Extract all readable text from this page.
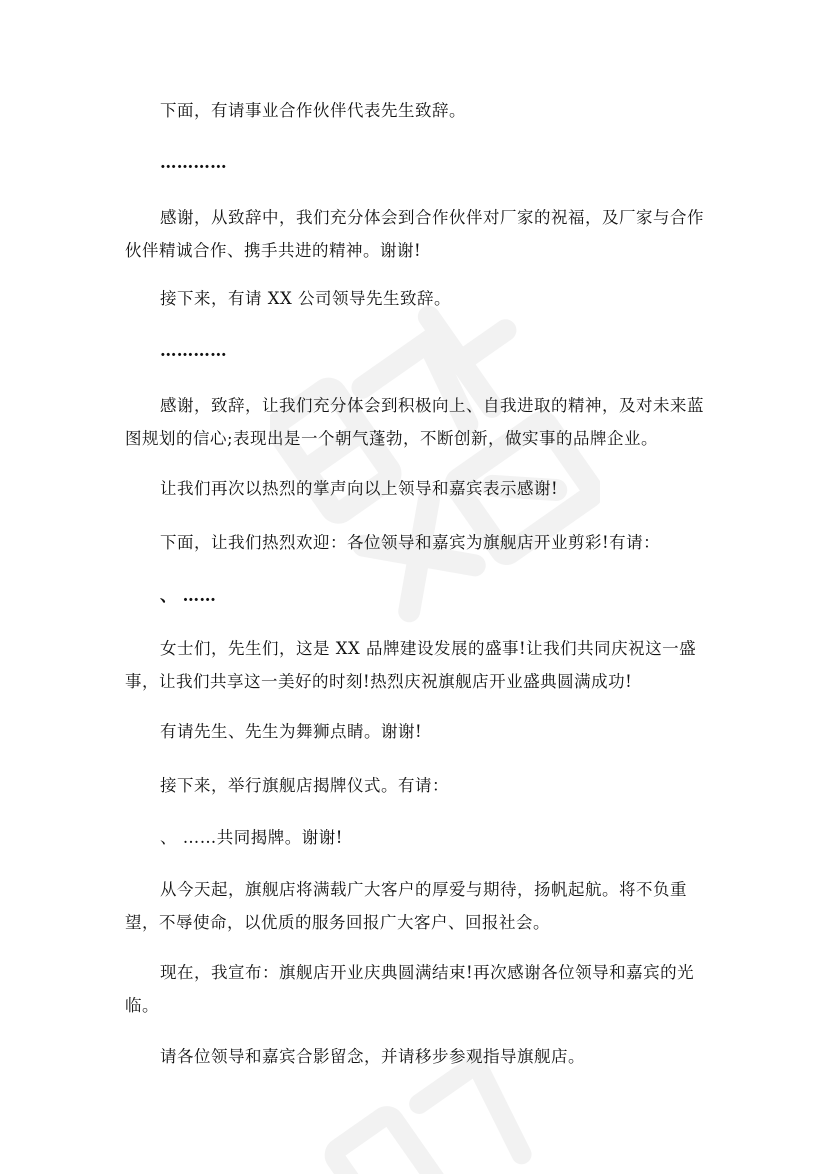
下面，有请事业合作伙伴代表先生致辞。

…………

感谢，从致辞中，我们充分体会到合作伙伴对厂家的祝福，及厂家与合作

伙伴精诚合作、携手共进的精神。谢谢!

接下来，有请 XX 公司领导先生致辞。

…………

感谢，致辞，让我们充分体会到积极向上、自我进取的精神，及对未来蓝

图规划的信心;表现出是一个朝气蓬勃，不断创新，做实事的品牌企业。

让我们再次以热烈的掌声向以上领导和嘉宾表示感谢!

下面，让我们热烈欢迎：各位领导和嘉宾为旗舰店开业剪彩!有请：

、 ……

女士们，先生们，这是 XX 品牌建设发展的盛事!让我们共同庆祝这一盛

事，让我们共享这一美好的时刻!热烈庆祝旗舰店开业盛典圆满成功!

有请先生、先生为舞狮点睛。谢谢!

接下来，举行旗舰店揭牌仪式。有请：

、 ……共同揭牌。谢谢!

从今天起，旗舰店将满载广大客户的厚爱与期待，扬帆起航。将不负重

望，不辱使命，以优质的服务回报广大客户、回报社会。

现在，我宣布：旗舰店开业庆典圆满结束!再次感谢各位领导和嘉宾的光

临。

请各位领导和嘉宾合影留念，并请移步参观指导旗舰店。
